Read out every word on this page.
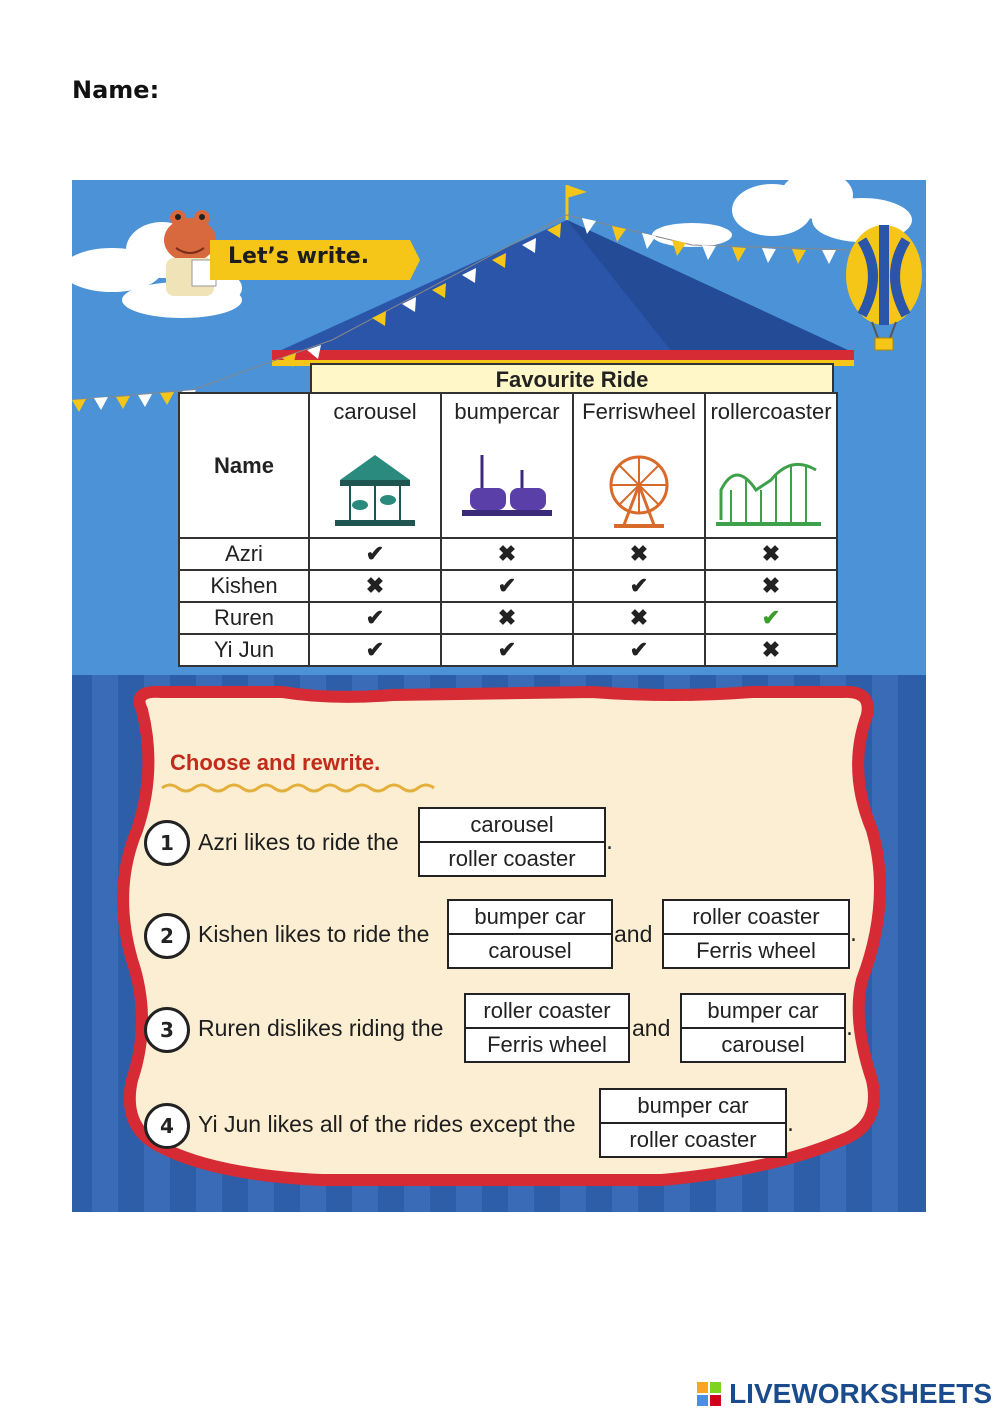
Name:
Let’s write.
Favourite Ride
Name	carousel	bumper car	Ferris wheel	roller coaster

Azri	✔	✖	✖	✖
Kishen	✖	✔	✔	✖
Ruren	✔	✖	✖	✔
Yi Jun	✔	✔	✔	✖
Choose and rewrite.
1	Azri likes to ride the
carousel
roller coaster
.
2	Kishen likes to ride the
bumper car
carousel
and
roller coaster
Ferris wheel
.
3	Ruren dislikes riding the
roller coaster
Ferris wheel
and
bumper car
carousel
.
4	Yi Jun likes all of the rides except the
bumper car
roller coaster
.
LIVEWORKSHEETS
